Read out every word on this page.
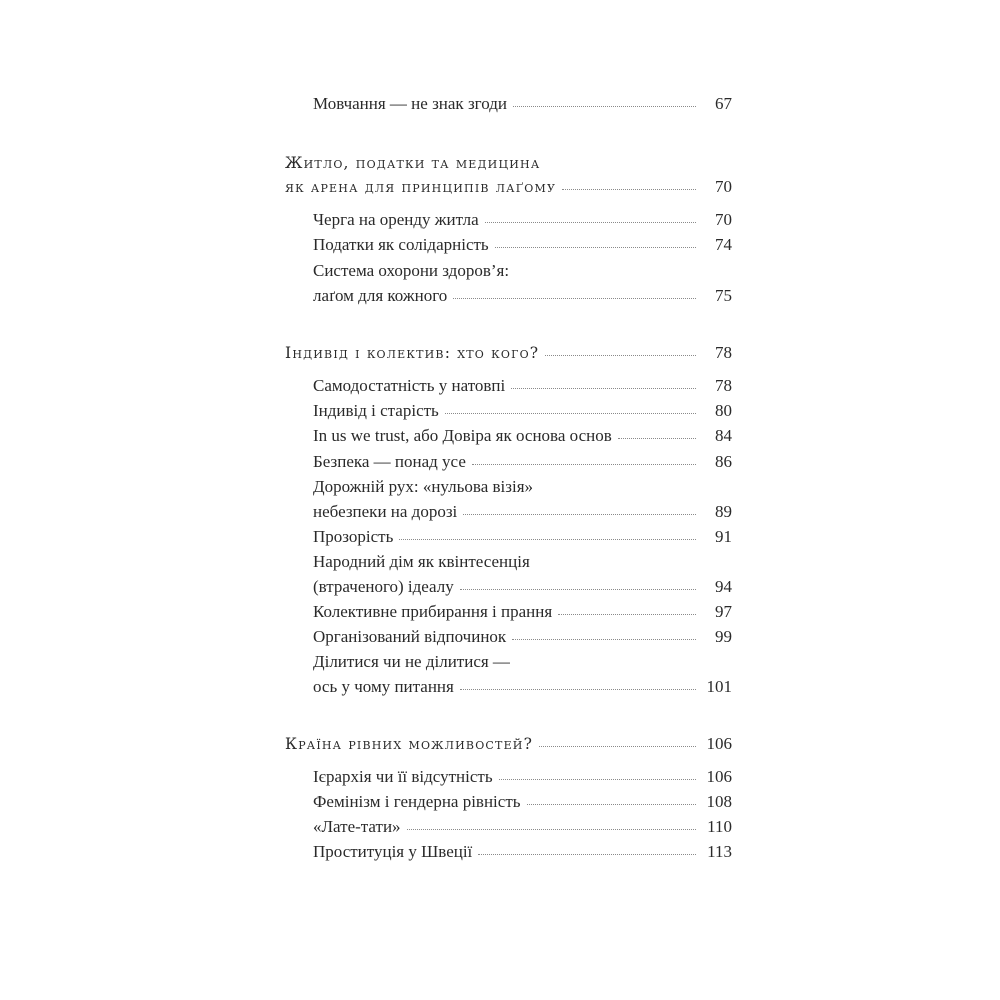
Мовчання — не знак згоди	67
Житло, податки та медицина
як арена для принципів лаґому	70
Черга на оренду житла	70
Податки як солідарність	74
Система охорони здоров’я:
лаґом для кожного	75
Індивід і колектив: хто кого?	78
Самодостатність у натовпі	78
Індивід і старість	80
In us we trust, або Довіра як основа основ	84
Безпека — понад усе	86
Дорожній рух: «нульова візія»
небезпеки на дорозі	89
Прозорість	91
Народний дім як квінтесенція
(втраченого) ідеалу	94
Колективне прибирання і прання	97
Організований відпочинок	99
Ділитися чи не ділитися —
ось у чому питання	101
Країна рівних можливостей?	106
Ієрархія чи її відсутність	106
Фемінізм і гендерна рівність	108
«Лате-тати»	110
Проституція у Швеції	113
